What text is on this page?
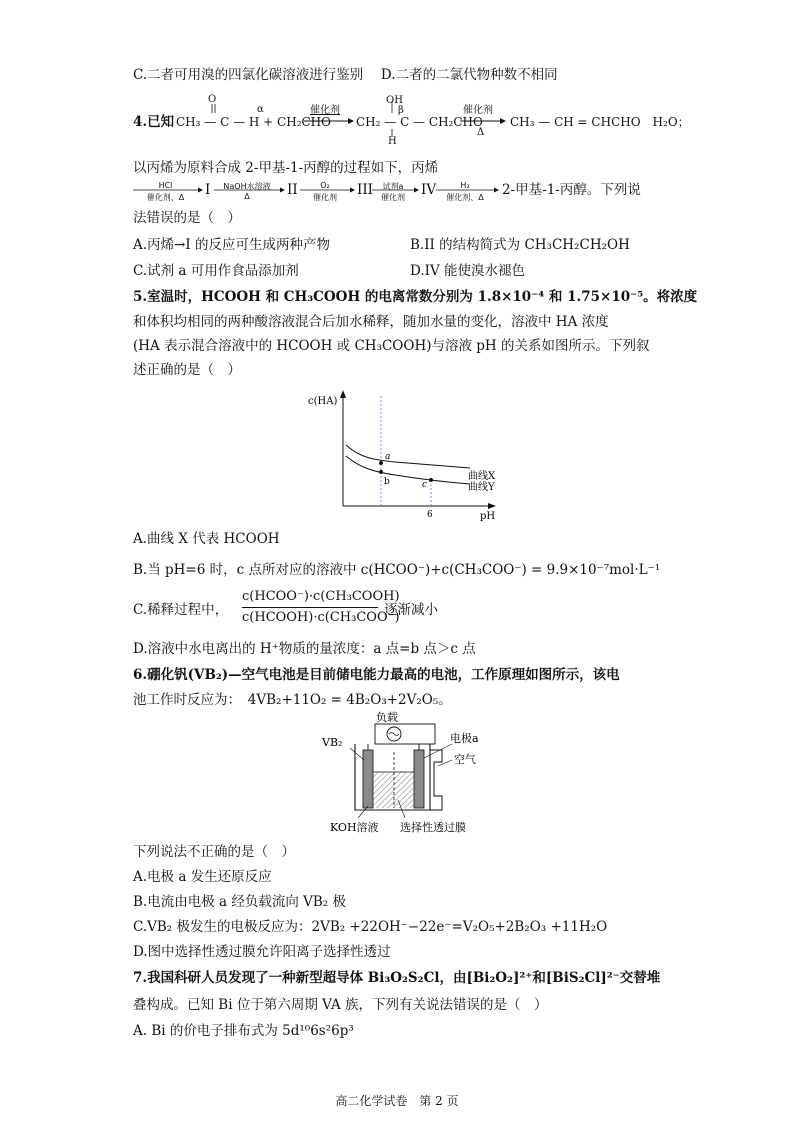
C.二者可用溴的四氯化碳溶液进行鉴别　 D.二者的二氯代物种数不相同
4.已知 CH₃ — C — H + CH₂CHO
O
α	催化剂
CH₂ — C — CH₂CHO
OH
H
β	催化剂
Δ
CH₃ — CH = CHCHO　H₂O；
以丙烯为原料合成 2-甲基-1-丙醇的过程如下，丙烯
HCl
催化剂、Δ	I	NaOH水溶液
Δ	II	O₂
催化剂	III	试剂a
催化剂	IV	H₂
催化剂、Δ	2-甲基-1-丙醇。下列说
法错误的是（　）
A.丙烯→I 的反应可生成两种产物	B.II 的结构简式为 CH₃CH₂CH₂OH
C.试剂 a 可用作食品添加剂	D.IV 能使溴水褪色
5.室温时，HCOOH 和 CH₃COOH 的电离常数分别为 1.8×10⁻⁴ 和 1.75×10⁻⁵。将浓度
和体积均相同的两种酸溶液混合后加水稀释，随加水量的变化，溶液中 HA 浓度
(HA 表示混合溶液中的 HCOOH 或 CH₃COOH)与溶液 pH 的关系如图所示。下列叙
述正确的是（　）
c(HA)
pH
a
b	c
曲线X
曲线Y
6
A.曲线 X 代表 HCOOH
B.当 pH=6 时，c 点所对应的溶液中 c(HCOO⁻)+c(CH₃COO⁻) = 9.9×10⁻⁷mol·L⁻¹
C.稀释过程中，
c(HCOO⁻)·c(CH₃COOH)
c(HCOOH)·c(CH₃COO⁻)
逐渐减小
D.溶液中水电离出的 H⁺物质的量浓度：a 点=b 点＞c 点
6.硼化钒(VB₂)—空气电池是目前储电能力最高的电池，工作原理如图所示，该电
池工作时反应为：　4VB₂+11O₂ = 4B₂O₃+2V₂O₅。
负载
VB₂	电极a
空气
KOH溶液 选择性透过膜
下列说法不正确的是（　）
A.电极 a 发生还原反应
B.电流由电极 a 经负载流向 VB₂ 极
C.VB₂ 极发生的电极反应为：2VB₂ +22OH⁻−22e⁻=V₂O₅+2B₂O₃ +11H₂O
D.图中选择性透过膜允许阳离子选择性透过
7.我国科研人员发现了一种新型超导体 Bi₃O₂S₂Cl，由[Bi₂O₂]²⁺和[BiS₂Cl]²⁻交替堆
叠构成。已知 Bi 位于第六周期 VA 族，下列有关说法错误的是（　）
A. Bi 的价电子排布式为 5d¹⁰6s²6p³
高二化学试卷　第 2 页
